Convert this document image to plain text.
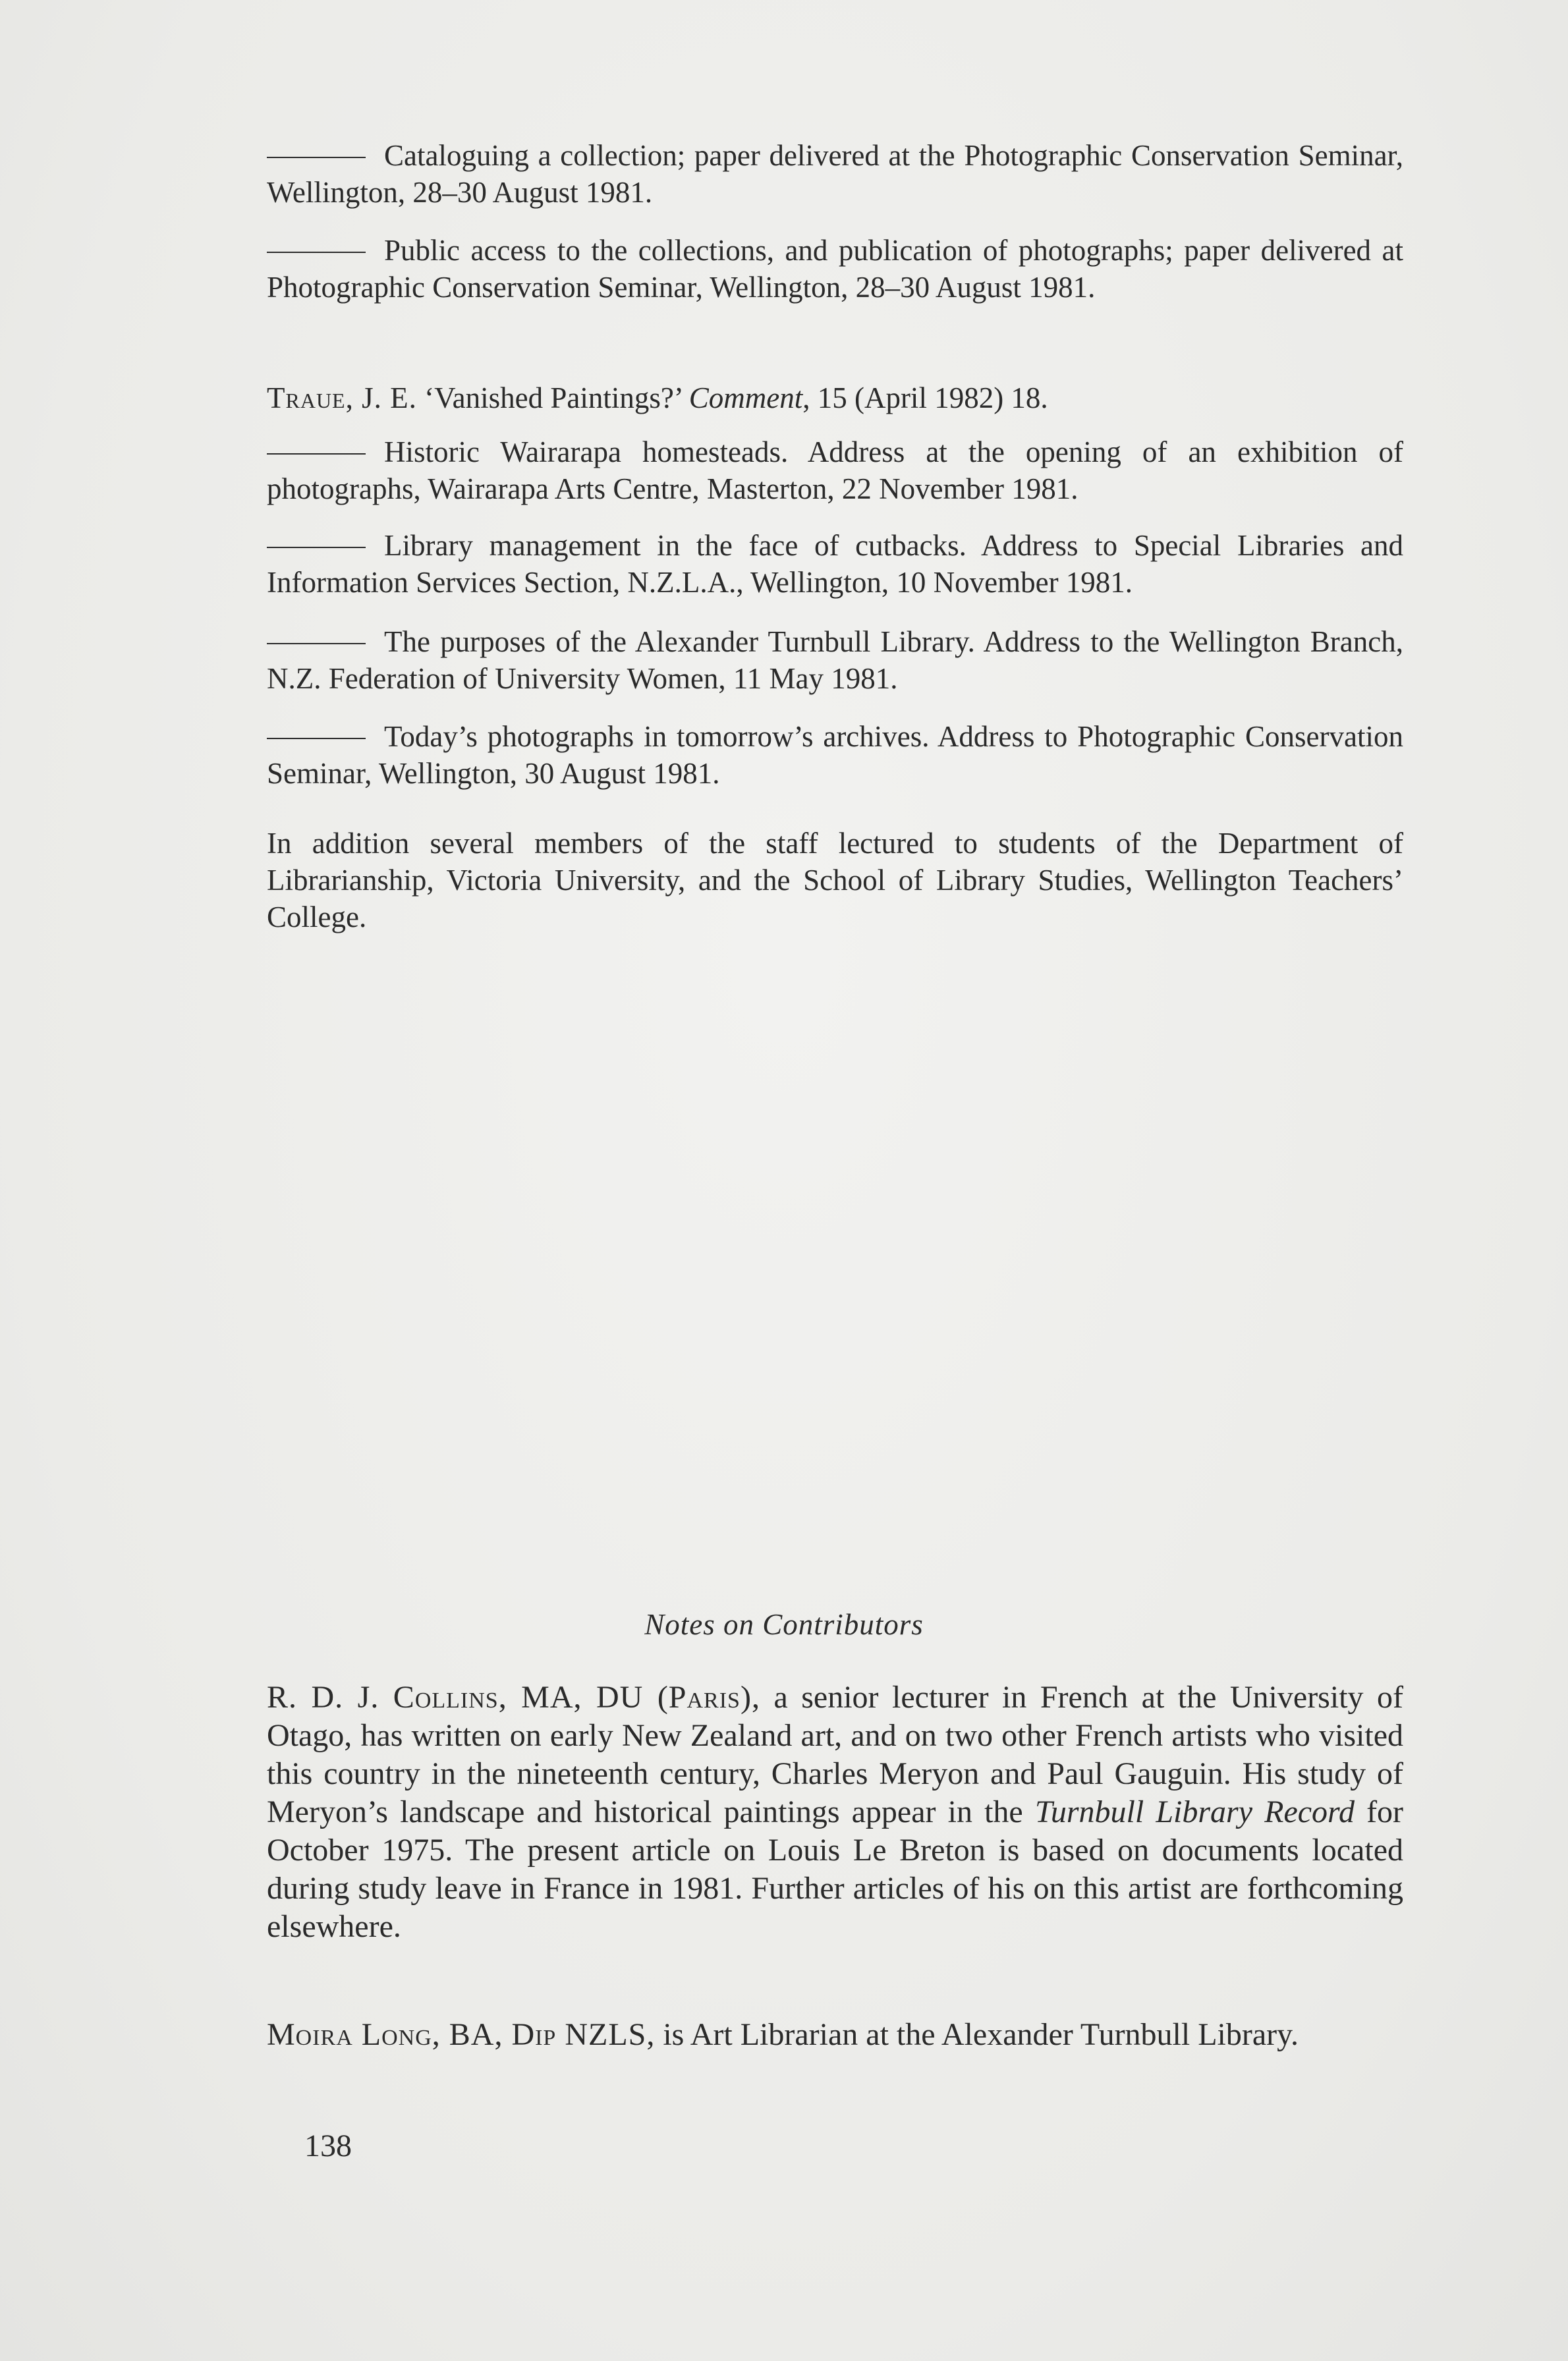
Cataloguing a collection; paper delivered at the Photographic Conservation Seminar, Wellington, 28–30 August 1981.
Public access to the collections, and publication of photographs; paper delivered at Photographic Conservation Seminar, Wellington, 28–30 August 1981.
Traue, J. E. ‘Vanished Paintings?’ Comment, 15 (April 1982) 18.
Historic Wairarapa homesteads. Address at the opening of an exhibition of photographs, Wairarapa Arts Centre, Masterton, 22 November 1981.
Library management in the face of cutbacks. Address to Special Libraries and Information Services Section, N.Z.L.A., Wellington, 10 November 1981.
The purposes of the Alexander Turnbull Library. Address to the Wellington Branch, N.Z. Federation of University Women, 11 May 1981.
Today’s photographs in tomorrow’s archives. Address to Photographic Conservation Seminar, Wellington, 30 August 1981.
In addition several members of the staff lectured to students of the Department of Librarianship, Victoria University, and the School of Library Studies, Wellington Teachers’ College.
Notes on Contributors
R. D. J. Collins, MA, DU (Paris), a senior lecturer in French at the University of Otago, has written on early New Zealand art, and on two other French artists who visited this country in the nineteenth century, Charles Meryon and Paul Gauguin. His study of Meryon’s landscape and historical paintings appear in the Turnbull Library Record for October 1975. The present article on Louis Le Breton is based on documents located during study leave in France in 1981. Further articles of his on this artist are forthcoming elsewhere.
Moira Long, BA, Dip NZLS, is Art Librarian at the Alexander Turnbull Library.
138
